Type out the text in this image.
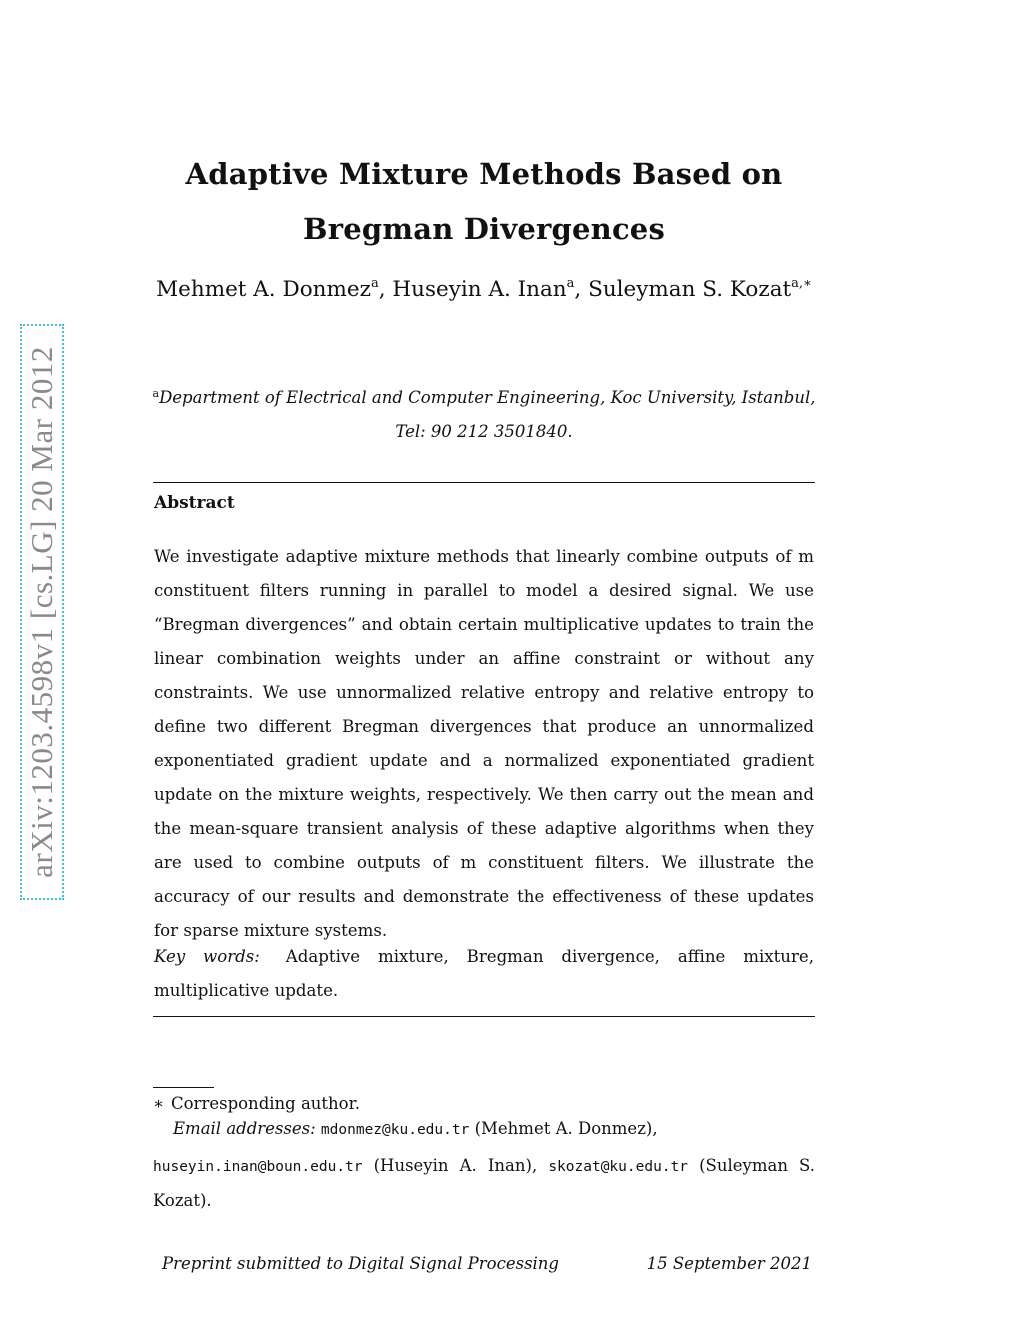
arXiv:1203.4598v1 [cs.LG] 20 Mar 2012
Adaptive Mixture Methods Based on
Bregman Divergences
Mehmet A. Donmez$^a$, Huseyin A. Inan$^a$, Suleyman S. Kozat$^{a,∗}$
$^a$Department of Electrical and Computer Engineering, Koc University, Istanbul,
Tel: 90 212 3501840.
Abstract
We investigate adaptive mixture methods that linearly combine outputs of m constituent filters running in parallel to model a desired signal. We use “Bregman divergences” and obtain certain multiplicative updates to train the linear combination weights under an affine constraint or without any constraints. We use unnormalized relative entropy and relative entropy to define two different Bregman divergences that produce an unnormalized exponentiated gradient update and a normalized exponentiated gradient update on the mixture weights, respectively. We then carry out the mean and the mean-square transient analysis of these adaptive algorithms when they are used to combine outputs of m constituent filters. We illustrate the accuracy of our results and demonstrate the effectiveness of these updates for sparse mixture systems.
Key words: Adaptive mixture, Bregman divergence, affine mixture, multiplicative update.
∗ Corresponding author.
Email addresses: mdonmez@ku.edu.tr (Mehmet A. Donmez),
huseyin.inan@boun.edu.tr (Huseyin A. Inan), skozat@ku.edu.tr (Suleyman S. Kozat).
Preprint submitted to Digital Signal Processing	15 September 2021
